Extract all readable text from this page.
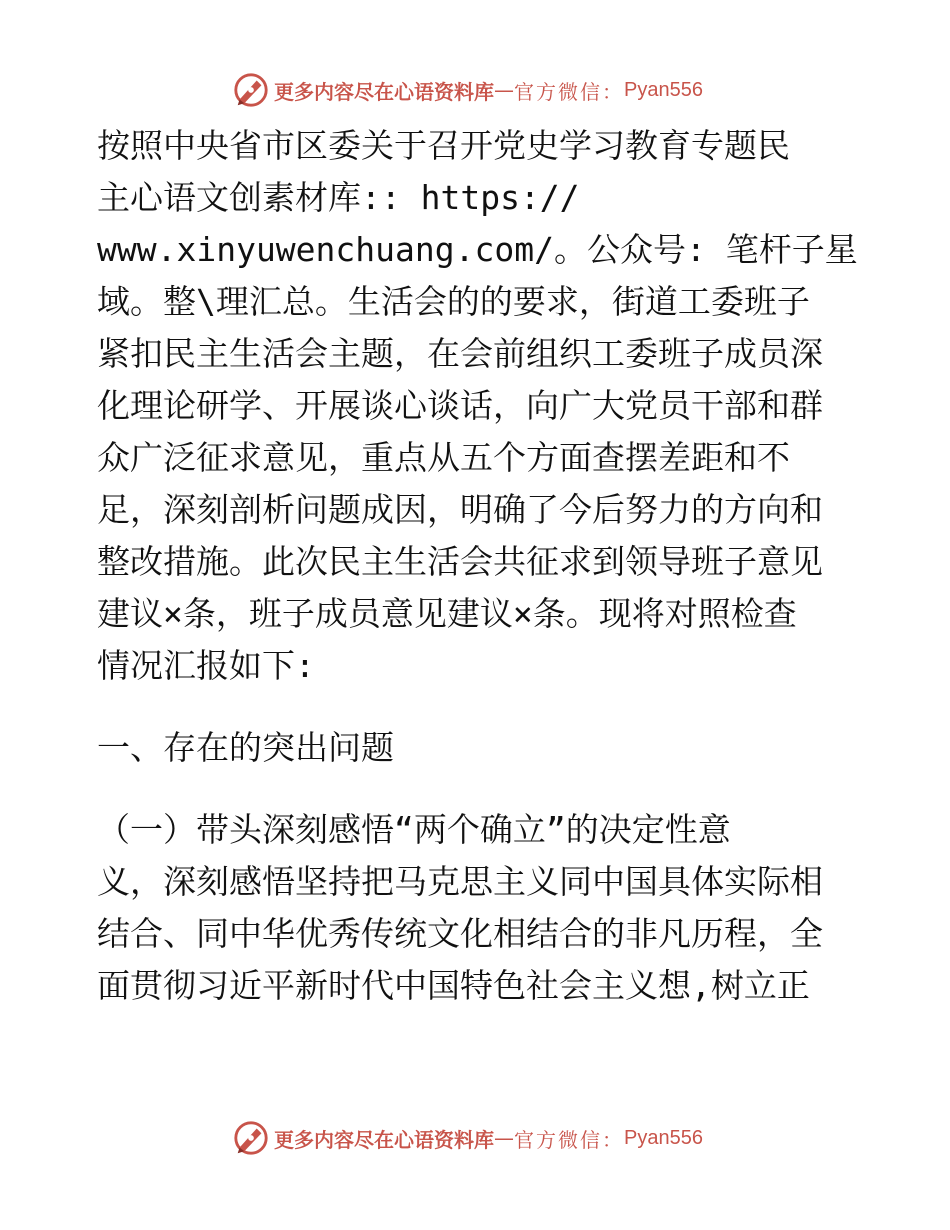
更多内容尽在心语资料库 — 官方微信： Pyan556
按照中央省市区委关于召开党史学习教育专题民
主心语文创素材库:: https://
www.xinyuwenchuang.com/。公众号: 笔杆子星
域。整\理汇总。生活会的的要求，街道工委班子
紧扣民主生活会主题，在会前组织工委班子成员深
化理论研学、开展谈心谈话，向广大党员干部和群
众广泛征求意见，重点从五个方面查摆差距和不
足，深刻剖析问题成因，明确了今后努力的方向和
整改措施。此次民主生活会共征求到领导班子意见
建议×条，班子成员意见建议×条。现将对照检查
情况汇报如下:
一、存在的突出问题
（一）带头深刻感悟“两个确立”的决定性意
义，深刻感悟坚持把马克思主义同中国具体实际相
结合、同中华优秀传统文化相结合的非凡历程，全
面贯彻习近平新时代中国特色社会主义想,树立正
更多内容尽在心语资料库 — 官方微信： Pyan556
